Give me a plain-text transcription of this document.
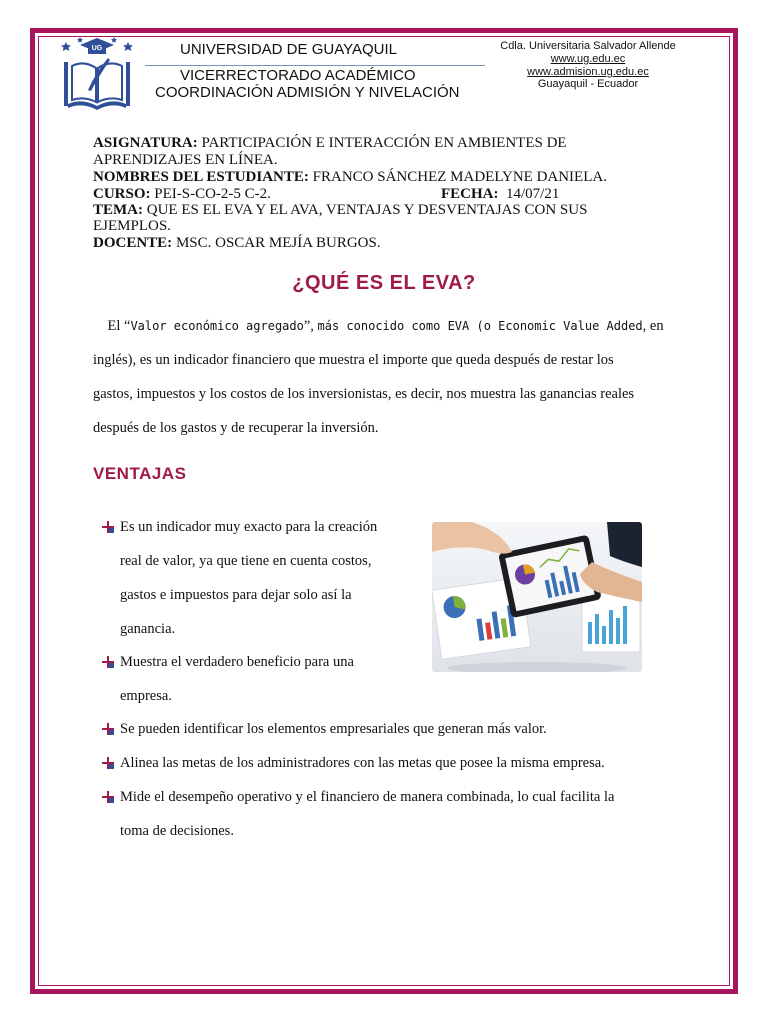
UG	UNIVERSIDAD DE GUAYAQUIL
VICERRECTORADO ACADÉMICO
COORDINACIÓN ADMISIÓN Y NIVELACIÓN
Cdla. Universitaria Salvador Allende
www.ug.edu.ec
www.admision.ug.edu.ec
Guayaquil - Ecuador
ASIGNATURA: PARTICIPACIÓN E INTERACCIÓN EN AMBIENTES DE
APRENDIZAJES EN LÍNEA.
NOMBRES DEL ESTUDIANTE: FRANCO SÁNCHEZ MADELYNE DANIELA.
CURSO: PEI-S-CO-2-5 C-2.	FECHA: 14/07/21
TEMA: QUE ES EL EVA Y EL AVA, VENTAJAS Y DESVENTAJAS CON SUS
EJEMPLOS.
DOCENTE: MSC. OSCAR MEJÍA BURGOS.
¿QUÉ ES EL EVA?
El “Valor económico agregado”, más conocido como EVA (o Economic Value Added, en
inglés), es un indicador financiero que muestra el importe que queda después de restar los
gastos, impuestos y los costos de los inversionistas, es decir, nos muestra las ganancias reales
después de los gastos y de recuperar la inversión.
VENTAJAS
Es un indicador muy exacto para la creación
real de valor, ya que tiene en cuenta costos,
gastos e impuestos para dejar solo así la
ganancia.
Muestra el verdadero beneficio para una
empresa.
Se pueden identificar los elementos empresariales que generan más valor.
Alinea las metas de los administradores con las metas que posee la misma empresa.
Mide el desempeño operativo y el financiero de manera combinada, lo cual facilita la
toma de decisiones.
